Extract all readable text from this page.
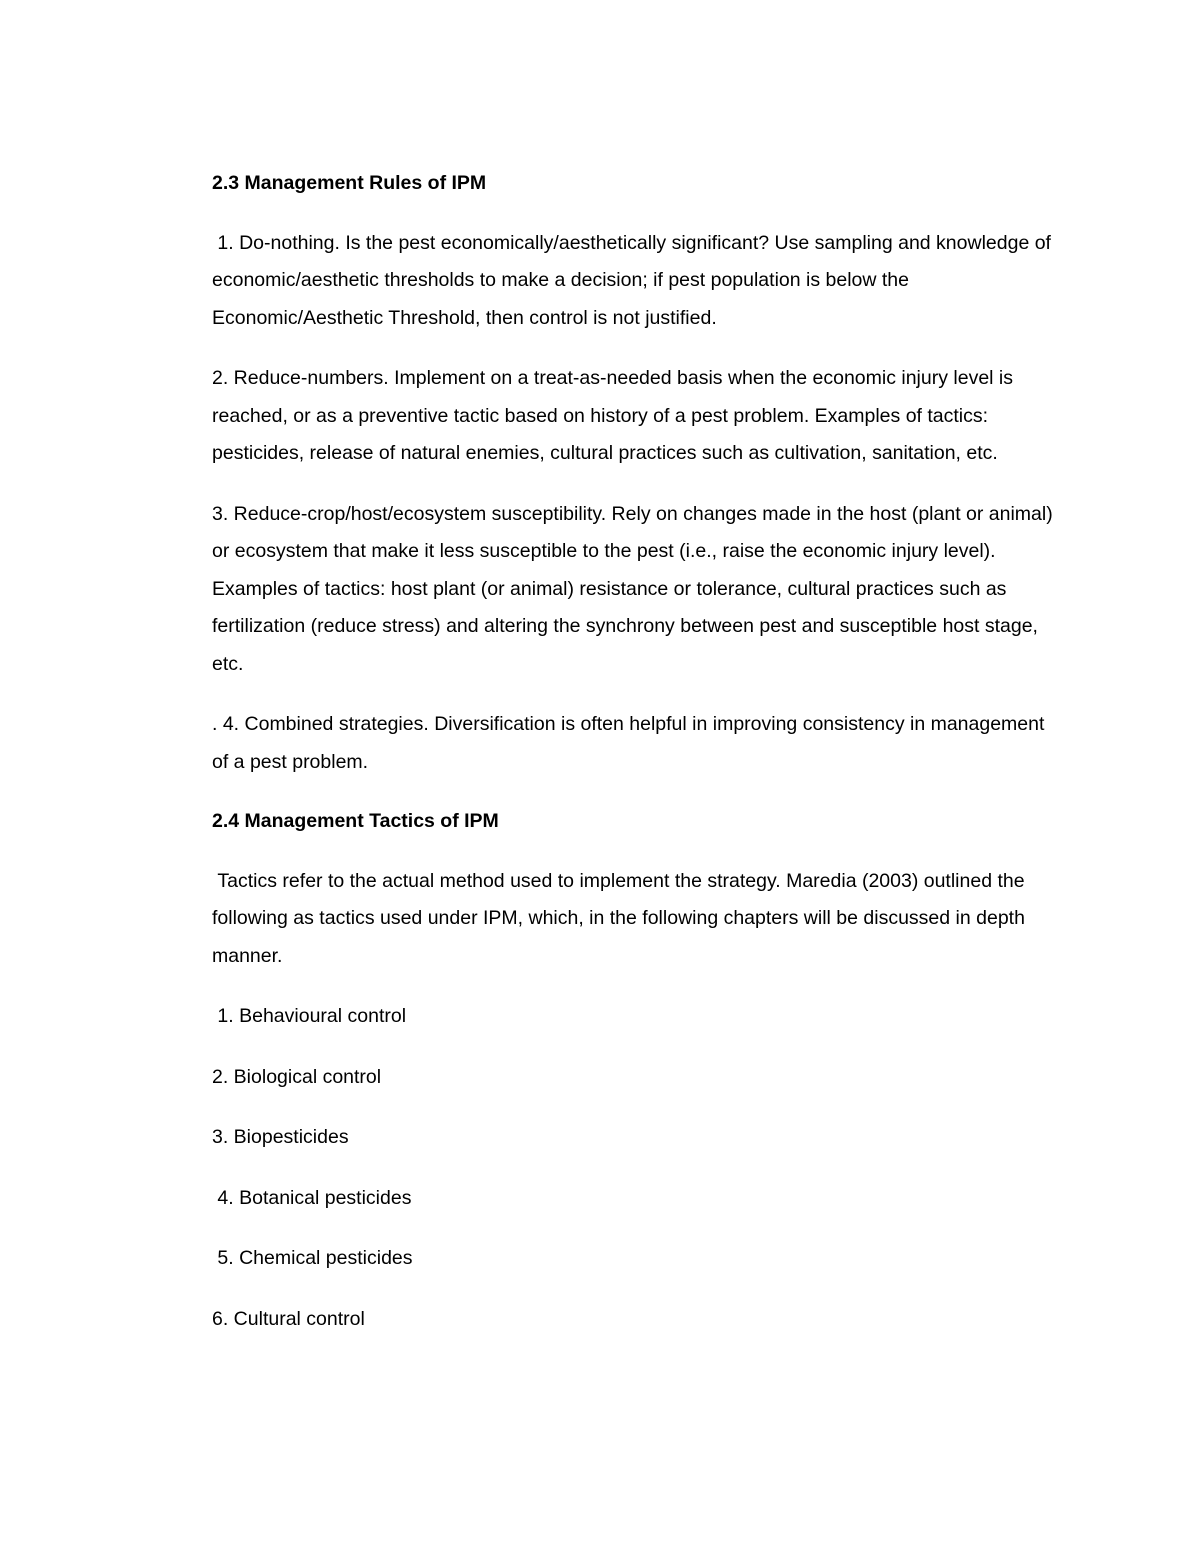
2.3 Management Rules of IPM

1. Do-nothing. Is the pest economically/aesthetically significant? Use sampling and knowledge of economic/aesthetic thresholds to make a decision; if pest population is below the Economic/Aesthetic Threshold, then control is not justified.

2. Reduce-numbers. Implement on a treat-as-needed basis when the economic injury level is reached, or as a preventive tactic based on history of a pest problem. Examples of tactics: pesticides, release of natural enemies, cultural practices such as cultivation, sanitation, etc.

3. Reduce-crop/host/ecosystem susceptibility. Rely on changes made in the host (plant or animal) or ecosystem that make it less susceptible to the pest (i.e., raise the economic injury level). Examples of tactics: host plant (or animal) resistance or tolerance, cultural practices such as fertilization (reduce stress) and altering the synchrony between pest and susceptible host stage, etc.

. 4. Combined strategies. Diversification is often helpful in improving consistency in management of a pest problem.

2.4 Management Tactics of IPM

Tactics refer to the actual method used to implement the strategy. Maredia (2003) outlined the following as tactics used under IPM, which, in the following chapters will be discussed in depth manner.

1. Behavioural control
2. Biological control
3. Biopesticides
4. Botanical pesticides
5. Chemical pesticides
6. Cultural control
